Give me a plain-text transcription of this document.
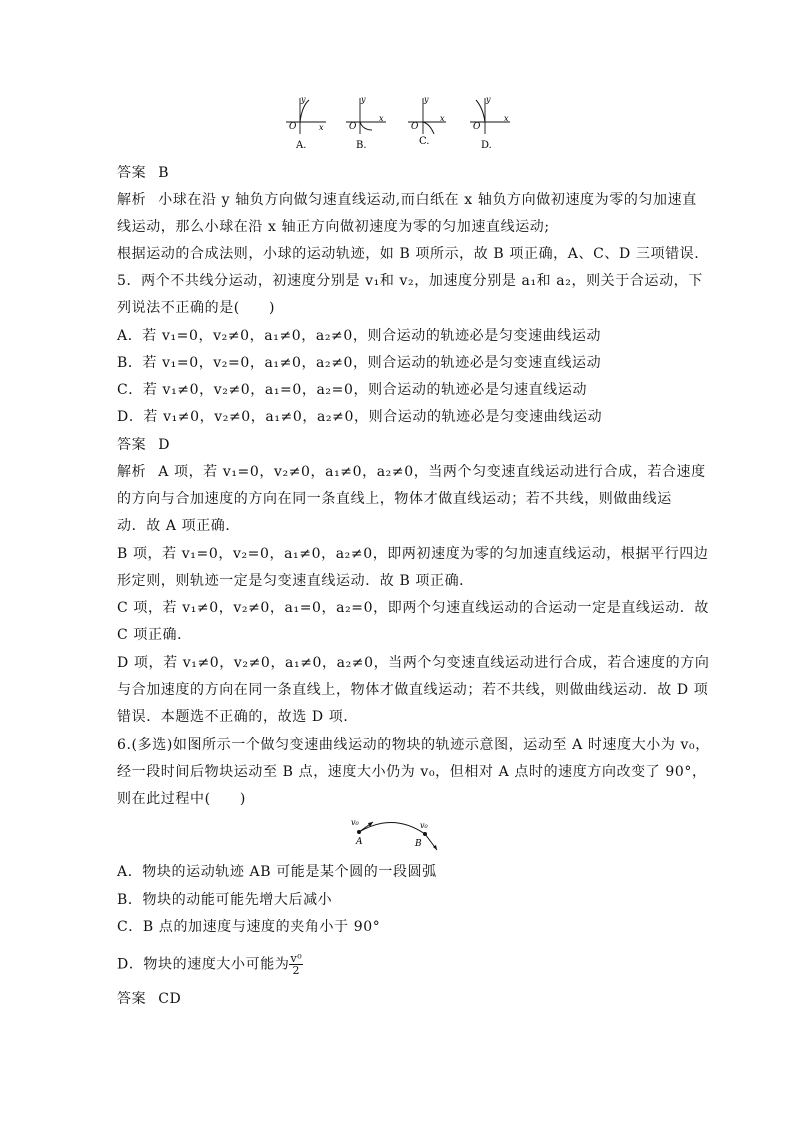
y
x
O
A.
y
x
O
B.
y
x
O
C.
y
x
O
D.
答案 B
解析 小球在沿 y 轴负方向做匀速直线运动,而白纸在 x 轴负方向做初速度为零的匀加速直
线运动，那么小球在沿 x 轴正方向做初速度为零的匀加速直线运动;
根据运动的合成法则，小球的运动轨迹，如 B 项所示，故 B 项正确，A、C、D 三项错误.
5．两个不共线分运动，初速度分别是 v₁和 v₂，加速度分别是 a₁和 a₂，则关于合运动，下
列说法不正确的是(　　)
A．若 v₁=0，v₂≠0，a₁≠0，a₂≠0，则合运动的轨迹必是匀变速曲线运动
B．若 v₁=0，v₂=0，a₁≠0，a₂≠0，则合运动的轨迹必是匀变速直线运动
C．若 v₁≠0，v₂≠0，a₁=0，a₂=0，则合运动的轨迹必是匀速直线运动
D．若 v₁≠0，v₂≠0，a₁≠0，a₂≠0，则合运动的轨迹必是匀变速曲线运动
答案 D
解析 A 项，若 v₁=0，v₂≠0，a₁≠0，a₂≠0，当两个匀变速直线运动进行合成，若合速度
的方向与合加速度的方向在同一条直线上，物体才做直线运动；若不共线，则做曲线运
动．故 A 项正确．
B 项，若 v₁=0，v₂=0，a₁≠0，a₂≠0，即两初速度为零的匀加速直线运动，根据平行四边
形定则，则轨迹一定是匀变速直线运动．故 B 项正确．
C 项，若 v₁≠0，v₂≠0，a₁=0，a₂=0，即两个匀速直线运动的合运动一定是直线运动．故
C 项正确．
D 项，若 v₁≠0，v₂≠0，a₁≠0，a₂≠0，当两个匀变速直线运动进行合成，若合速度的方向
与合加速度的方向在同一条直线上，物体才做直线运动；若不共线，则做曲线运动．故 D 项
错误．本题选不正确的，故选 D 项．
6.(多选)如图所示一个做匀变速曲线运动的物块的轨迹示意图，运动至 A 时速度大小为 v₀，
经一段时间后物块运动至 B 点，速度大小仍为 v₀，但相对 A 点时的速度方向改变了 90°，
则在此过程中(　　)
v₀	v₀
A	B
A．物块的运动轨迹 AB 可能是某个圆的一段圆弧
B．物块的动能可能先增大后减小
C．B 点的加速度与速度的夹角小于 90°
D．物块的速度大小可能为 $\frac{\text{v⁰}}{2}$
答案 CD
